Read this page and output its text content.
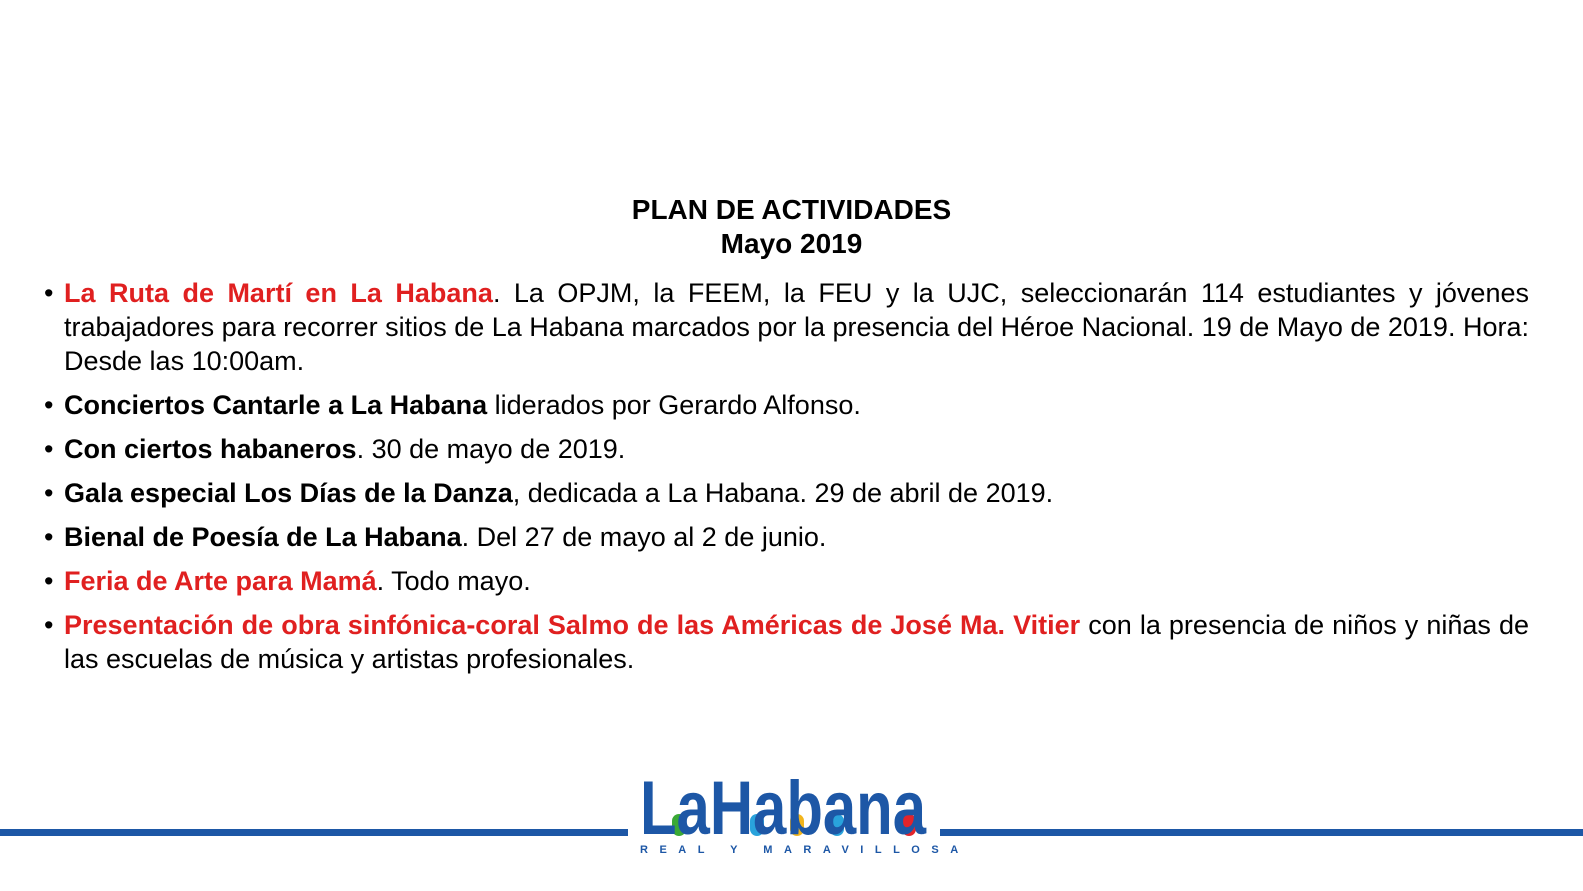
PLAN DE ACTIVIDADES
Mayo 2019
• La Ruta de Martí en La Habana. La OPJM, la FEEM, la FEU y la UJC, seleccionarán 114 estudiantes y jóvenes trabajadores para recorrer sitios de La Habana marcados por la presencia del Héroe Nacional. 19 de Mayo de 2019. Hora: Desde las 10:00am.
• Conciertos Cantarle a La Habana liderados por Gerardo Alfonso.
• Con ciertos habaneros. 30 de mayo de 2019.
• Gala especial Los Días de la Danza, dedicada a La Habana. 29 de abril de 2019.
• Bienal de Poesía de La Habana. Del 27 de mayo al 2 de junio.
• Feria de Arte para Mamá. Todo mayo.
• Presentación de obra sinfónica-coral Salmo de las Américas de José Ma. Vitier con la presencia de niños y niñas de las escuelas de música y artistas profesionales.
LaHabana
REAL Y MARAVILLOSA
